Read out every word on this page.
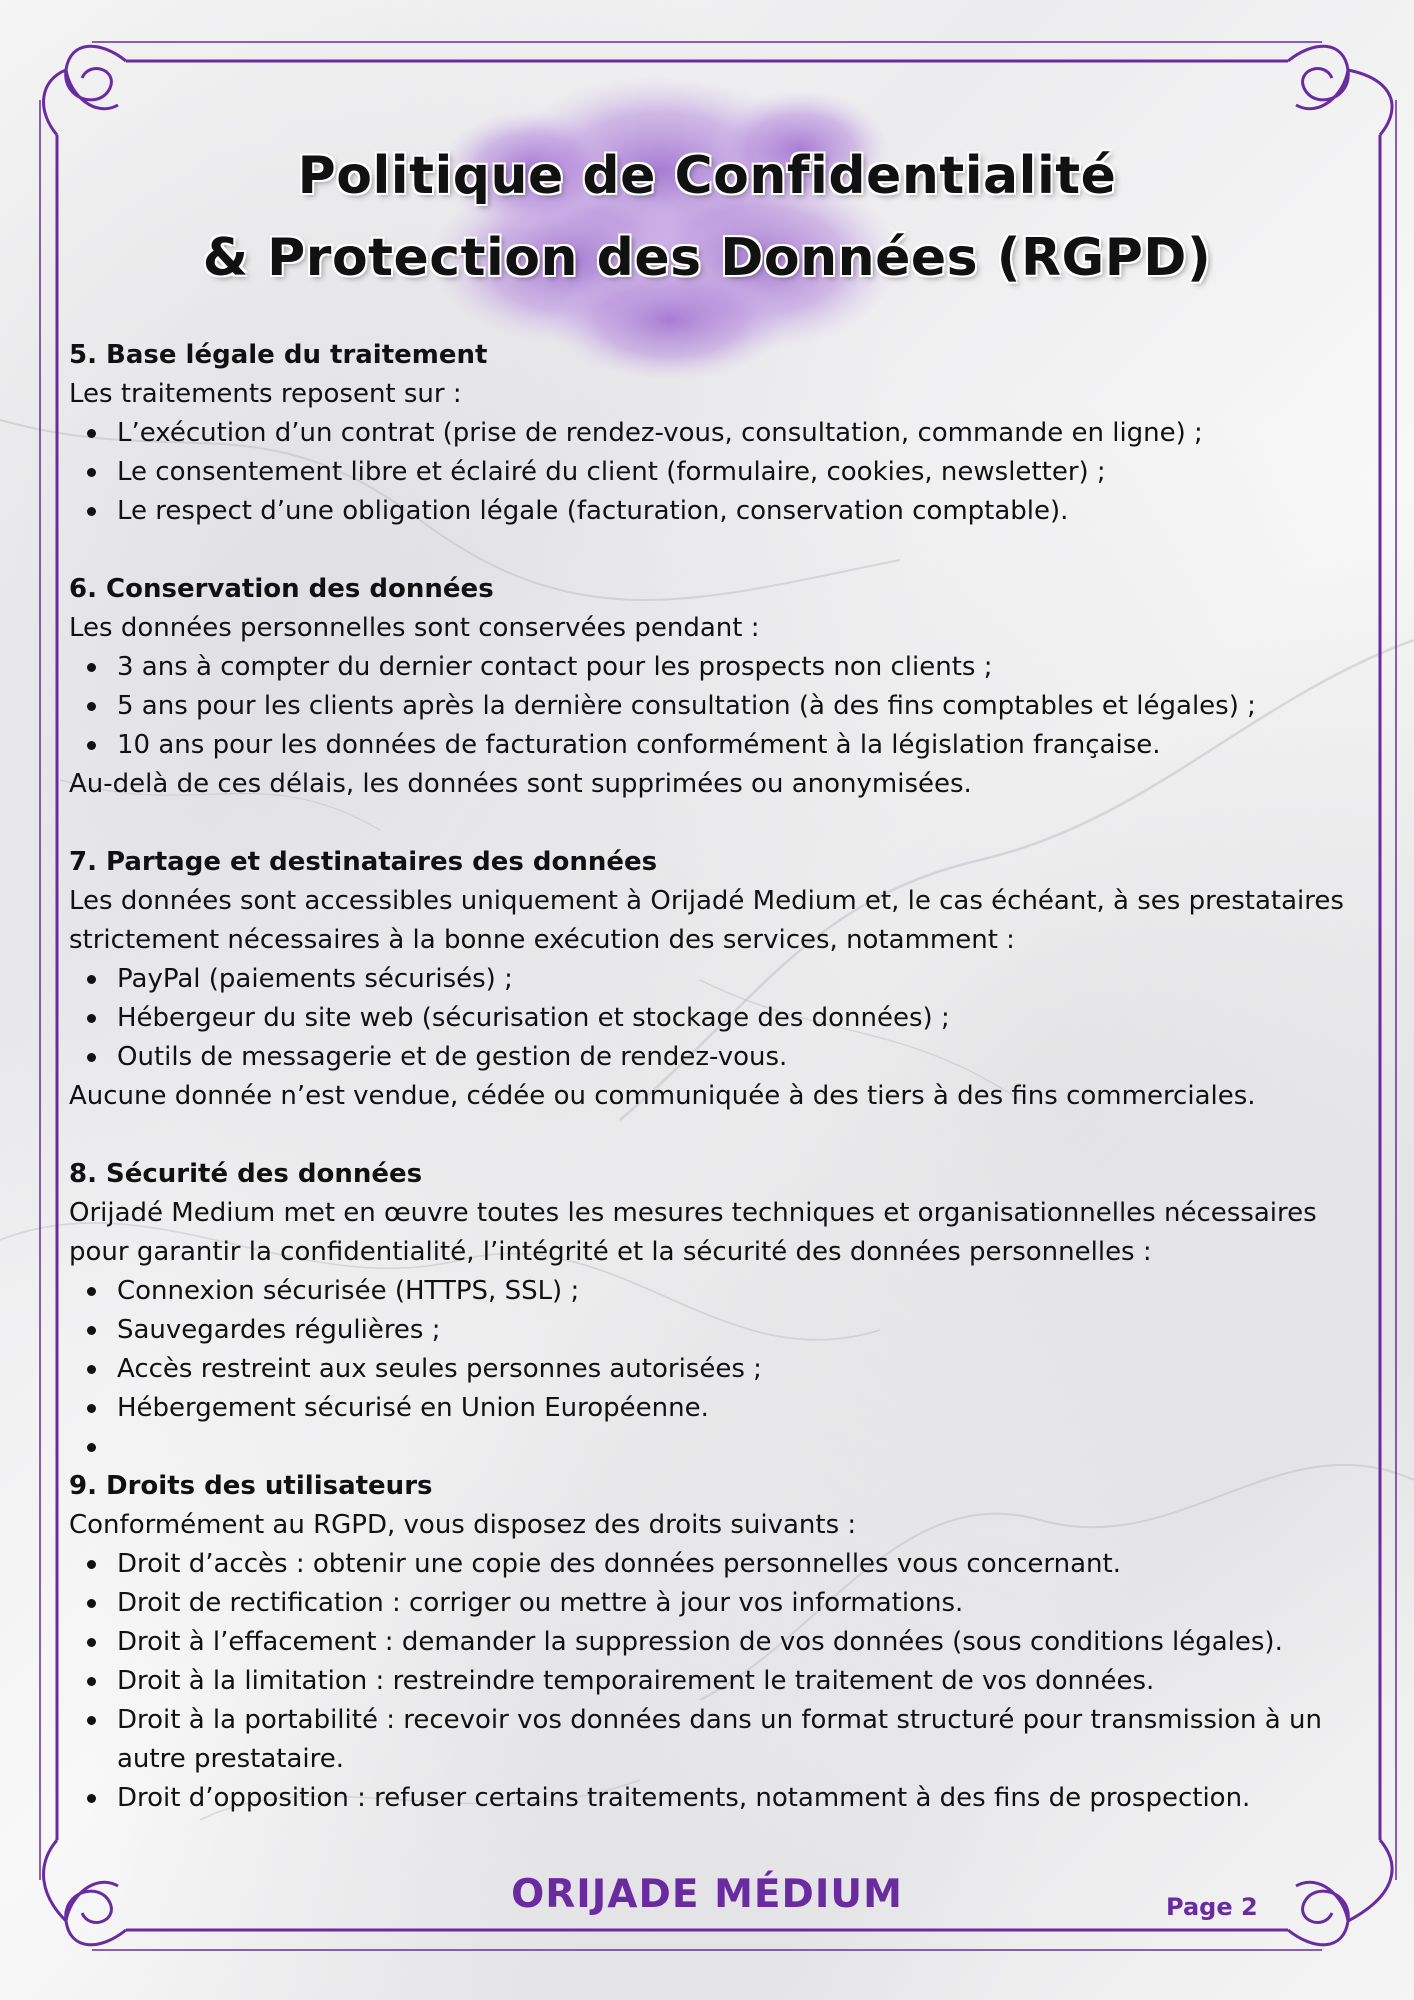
Politique de Confidentialité
& Protection des Données (RGPD)

5. Base légale du traitement

Les traitements reposent sur :

L’exécution d’un contrat (prise de rendez-vous, consultation, commande en ligne) ;
Le consentement libre et éclairé du client (formulaire, cookies, newsletter) ;
Le respect d’une obligation légale (facturation, conservation comptable).

6. Conservation des données

Les données personnelles sont conservées pendant :

3 ans à compter du dernier contact pour les prospects non clients ;
5 ans pour les clients après la dernière consultation (à des fins comptables et légales) ;
10 ans pour les données de facturation conformément à la législation française.

Au-delà de ces délais, les données sont supprimées ou anonymisées.

7. Partage et destinataires des données

Les données sont accessibles uniquement à Orijadé Medium et, le cas échéant, à ses prestataires strictement nécessaires à la bonne exécution des services, notamment :

PayPal (paiements sécurisés) ;
Hébergeur du site web (sécurisation et stockage des données) ;
Outils de messagerie et de gestion de rendez-vous.

Aucune donnée n’est vendue, cédée ou communiquée à des tiers à des fins commerciales.

8. Sécurité des données

Orijadé Medium met en œuvre toutes les mesures techniques et organisationnelles nécessaires pour garantir la confidentialité, l’intégrité et la sécurité des données personnelles :

Connexion sécurisée (HTTPS, SSL) ;
Sauvegardes régulières ;
Accès restreint aux seules personnes autorisées ;
Hébergement sécurisé en Union Européenne.

9. Droits des utilisateurs

Conformément au RGPD, vous disposez des droits suivants :

Droit d’accès : obtenir une copie des données personnelles vous concernant.
Droit de rectification : corriger ou mettre à jour vos informations.
Droit à l’effacement : demander la suppression de vos données (sous conditions légales).
Droit à la limitation : restreindre temporairement le traitement de vos données.
Droit à la portabilité : recevoir vos données dans un format structuré pour transmission à un autre prestataire.
Droit d’opposition : refuser certains traitements, notamment à des fins de prospection.
ORIJADE MÉDIUM	Page 2
